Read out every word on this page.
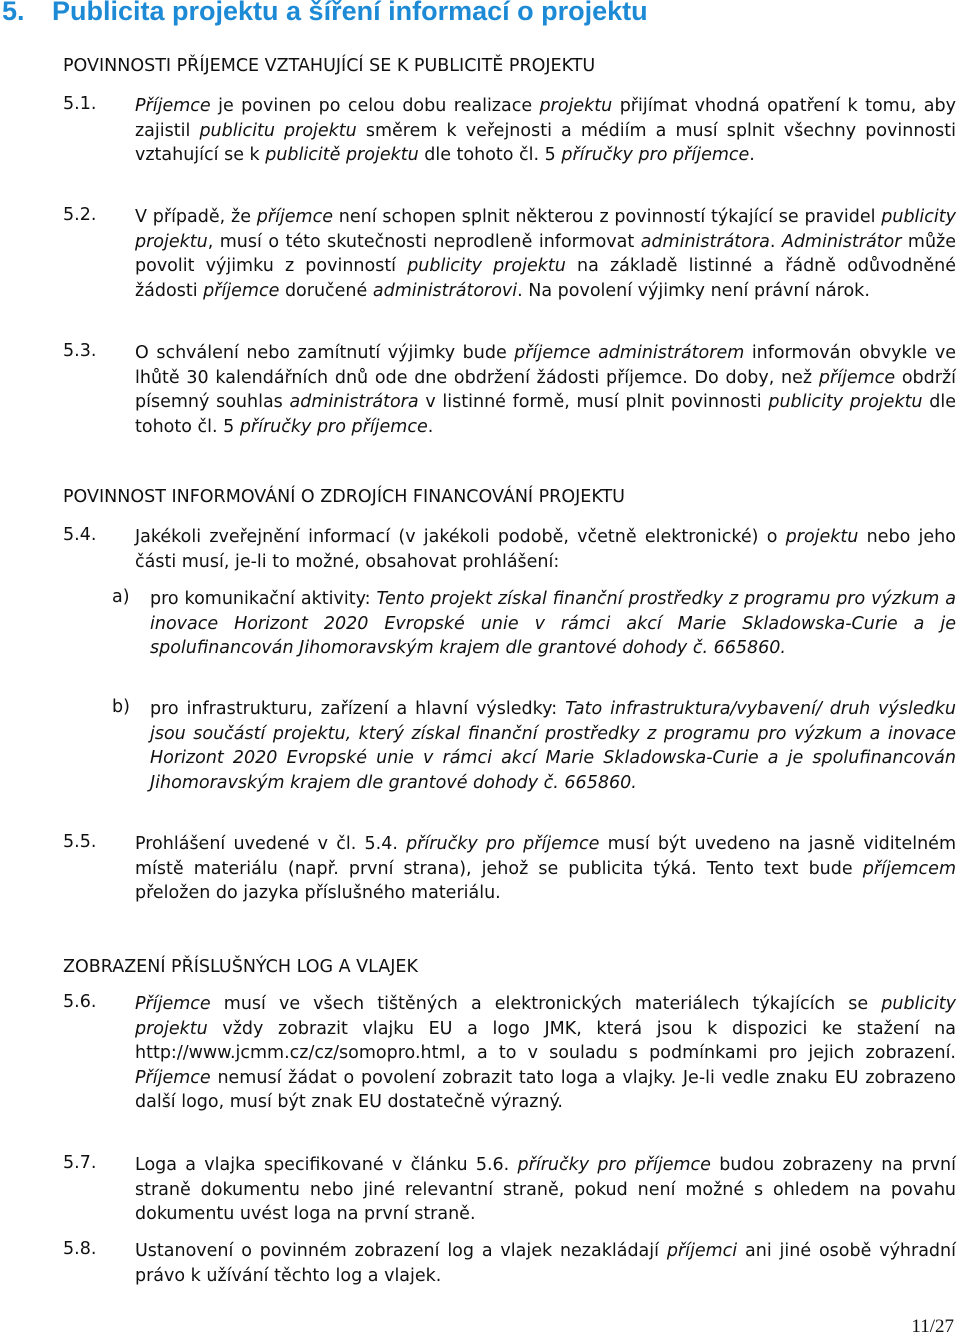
5. Publicita projektu a šíření informací o projektu
POVINNOSTI PŘÍJEMCE VZTAHUJÍCÍ SE K PUBLICITĚ PROJEKTU
5.1. Příjemce je povinen po celou dobu realizace projektu přijímat vhodná opatření k tomu, aby zajistil publicitu projektu směrem k veřejnosti a médiím a musí splnit všechny povinnosti vztahující se k publicitě projektu dle tohoto čl. 5 příručky pro příjemce.
5.2. V případě, že příjemce není schopen splnit některou z povinností týkající se pravidel publicity projektu, musí o této skutečnosti neprodleně informovat administrátora. Administrátor může povolit výjimku z povinností publicity projektu na základě listinné a řádně odůvodněné žádosti příjemce doručené administrátorovi. Na povolení výjimky není právní nárok.
5.3. O schválení nebo zamítnutí výjimky bude příjemce administrátorem informován obvykle ve lhůtě 30 kalendářních dnů ode dne obdržení žádosti příjemce. Do doby, než příjemce obdrží písemný souhlas administrátora v listinné formě, musí plnit povinnosti publicity projektu dle tohoto čl. 5 příručky pro příjemce.
POVINNOST INFORMOVÁNÍ O ZDROJÍCH FINANCOVÁNÍ PROJEKTU
5.4. Jakékoli zveřejnění informací (v jakékoli podobě, včetně elektronické) o projektu nebo jeho části musí, je-li to možné, obsahovat prohlášení:
a) pro komunikační aktivity: Tento projekt získal finanční prostředky z programu pro výzkum a inovace Horizont 2020 Evropské unie v rámci akcí Marie Skladowska-Curie a je spolufinancován Jihomoravským krajem dle grantové dohody č. 665860.
b) pro infrastrukturu, zařízení a hlavní výsledky: Tato infrastruktura/vybavení/ druh výsledku jsou součástí projektu, který získal finanční prostředky z programu pro výzkum a inovace Horizont 2020 Evropské unie v rámci akcí Marie Skladowska-Curie a je spolufinancován Jihomoravským krajem dle grantové dohody č. 665860.
5.5. Prohlášení uvedené v čl. 5.4. příručky pro příjemce musí být uvedeno na jasně viditelném místě materiálu (např. první strana), jehož se publicita týká. Tento text bude příjemcem přeložen do jazyka příslušného materiálu.
ZOBRAZENÍ PŘÍSLUŠNÝCH LOG A VLAJEK
5.6. Příjemce musí ve všech tištěných a elektronických materiálech týkajících se publicity projektu vždy zobrazit vlajku EU a logo JMK, která jsou k dispozici ke stažení na http://www.jcmm.cz/cz/somopro.html, a to v souladu s podmínkami pro jejich zobrazení. Příjemce nemusí žádat o povolení zobrazit tato loga a vlajky. Je-li vedle znaku EU zobrazeno další logo, musí být znak EU dostatečně výrazný.
5.7. Loga a vlajka specifikované v článku 5.6. příručky pro příjemce budou zobrazeny na první straně dokumentu nebo jiné relevantní straně, pokud není možné s ohledem na povahu dokumentu uvést loga na první straně.
5.8. Ustanovení o povinném zobrazení log a vlajek nezakládají příjemci ani jiné osobě výhradní právo k užívání těchto log a vlajek.
11/27
